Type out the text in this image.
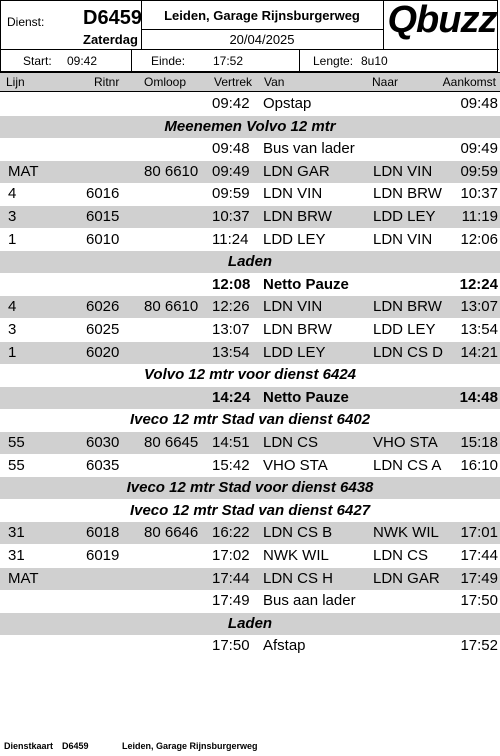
Dienst: D6459
Zaterdag
Leiden, Garage Rijnsburgerweg
20/04/2025	Qbuzz
Start: 09:42	Einde: 17:52	Lengte: 8u10
Lijn	Ritnr Omloop Vertrek Van	Naar	Aankomst
09:42 Opstap	09:48
Meenemen Volvo 12 mtr
09:48 Bus van lader	09:49
MAT	80 6610 09:49 LDN GAR	LDN VIN 09:59
4	6016	09:59 LDN VIN	LDN BRW 10:37
3	6015	10:37 LDN BRW	LDD LEY 11:19
1	6010	11:24 LDD LEY	LDN VIN 12:06
Laden
12:08 Netto Pauze	12:24
4	6026 80 6610 12:26 LDN VIN	LDN BRW 13:07
3	6025	13:07 LDN BRW	LDD LEY 13:54
1	6020	13:54 LDD LEY	LDN CS D 14:21
Volvo 12 mtr voor dienst 6424
14:24 Netto Pauze	14:48
Iveco 12 mtr Stad van dienst 6402
55	6030 80 6645 14:51 LDN CS	VHO STA 15:18
55	6035	15:42 VHO STA	LDN CS A 16:10
Iveco 12 mtr Stad voor dienst 6438
Iveco 12 mtr Stad van dienst 6427
31	6018 80 6646 16:22 LDN CS B	NWK WIL 17:01
31	6019	17:02 NWK WIL	LDN CS 17:44
MAT	17:44 LDN CS H	LDN GAR 17:49
17:49 Bus aan lader	17:50
Laden
17:50 Afstap	17:52
Dienstkaart D6459	Leiden, Garage Rijnsburgerweg
